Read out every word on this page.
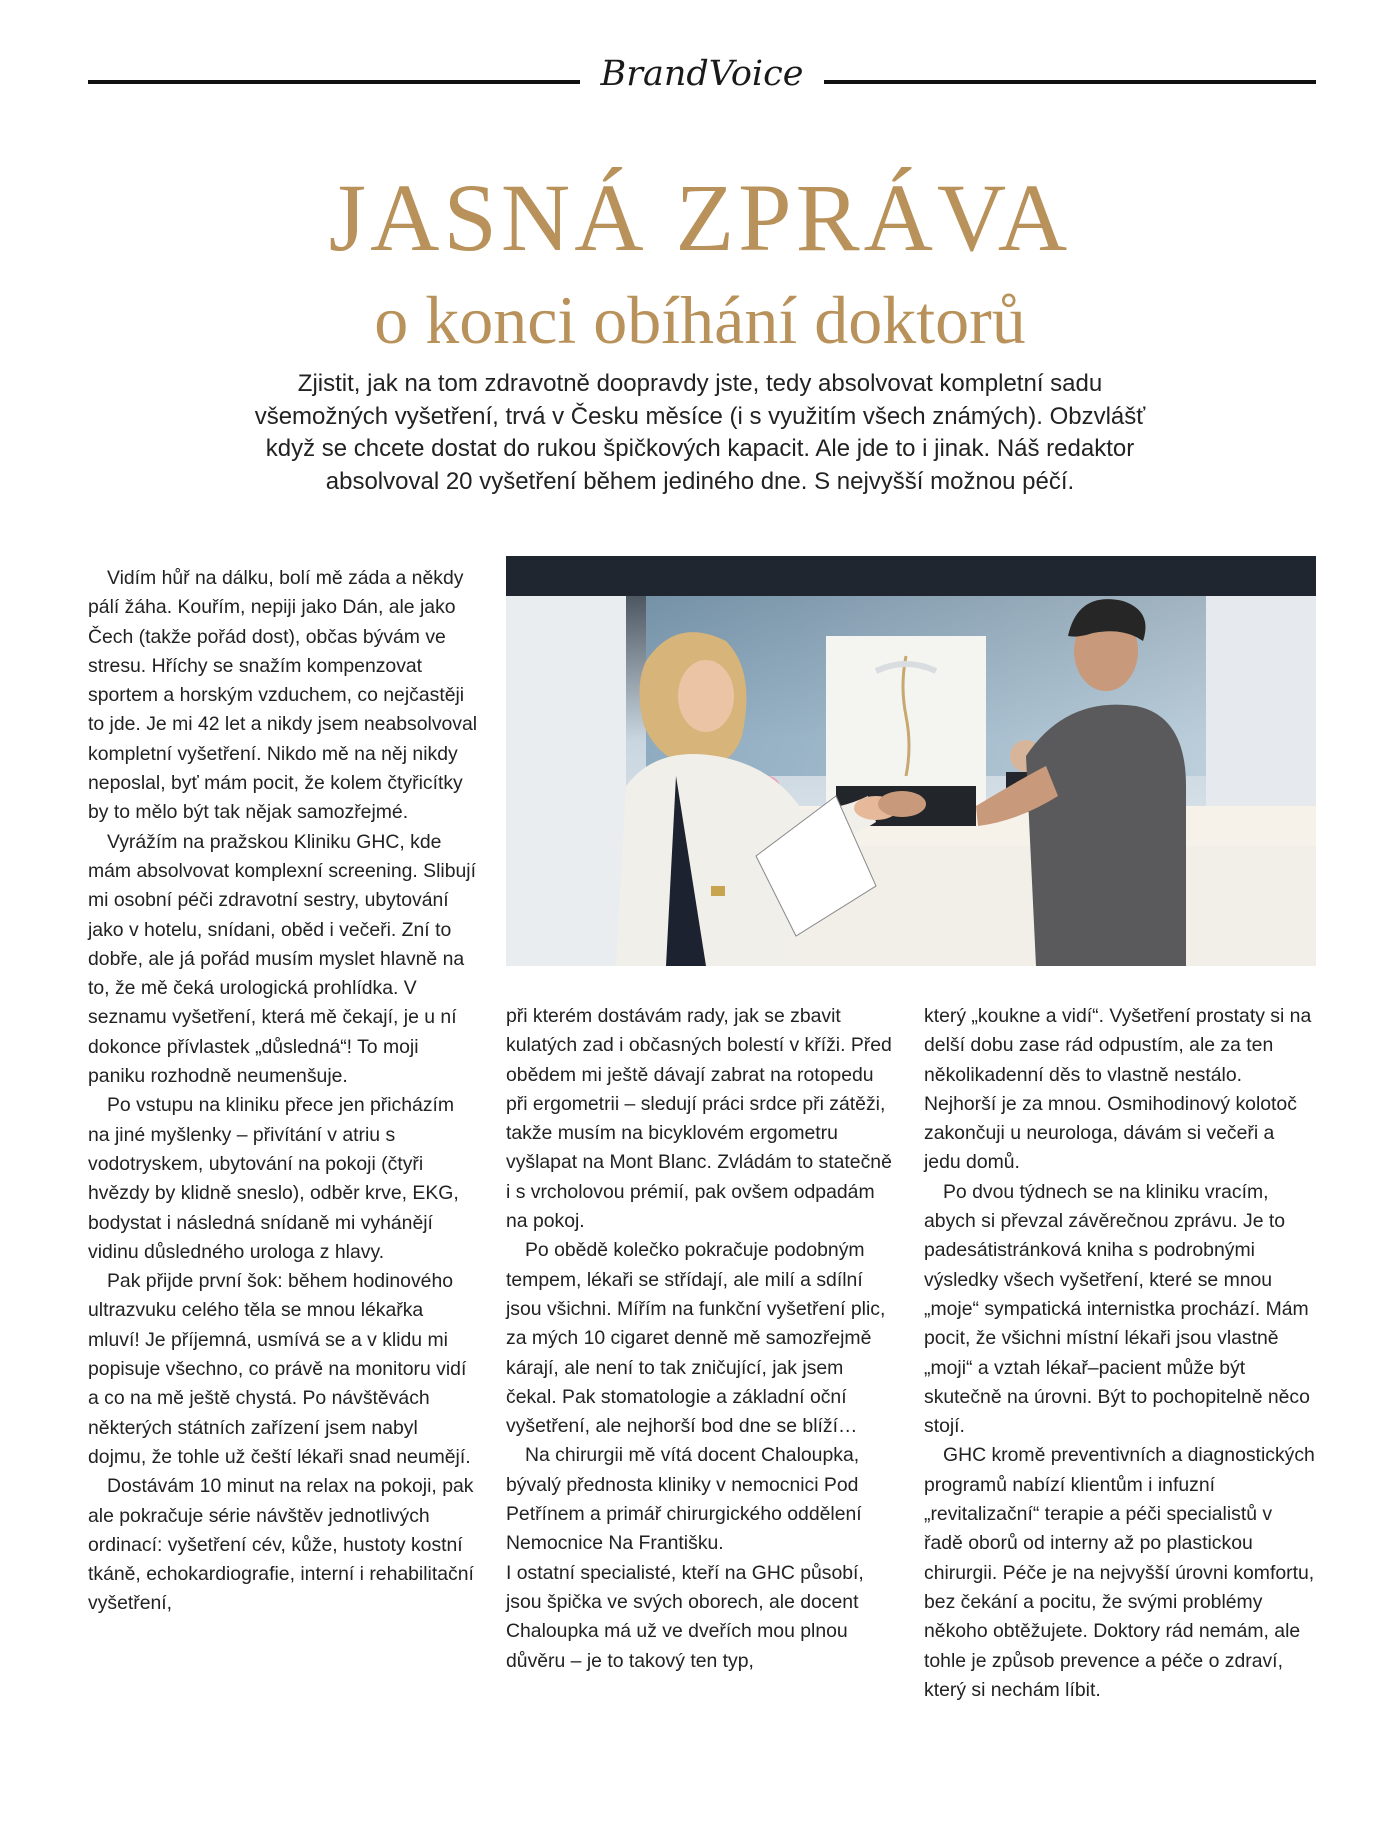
BrandVoice
JASNÁ ZPRÁVA
o konci obíhání doktorů
Zjistit, jak na tom zdravotně doopravdy jste, tedy absolvovat kompletní sadu všemožných vyšetření, trvá v Česku měsíce (i s využitím všech známých). Obzvlášť když se chcete dostat do rukou špičkových kapacit. Ale jde to i jinak. Náš redaktor absolvoval 20 vyšetření během jediného dne. S nejvyšší možnou péčí.

Vidím hůř na dálku, bolí mě záda a někdy pálí žáha. Kouřím, nepiji jako Dán, ale jako Čech (takže pořád dost), občas bývám ve stresu. Hříchy se snažím kompenzovat sportem a horským vzduchem, co nejčastěji to jde. Je mi 42 let a nikdy jsem neabsolvoval kompletní vyšetření. Nikdo mě na něj nikdy neposlal, byť mám pocit, že kolem čtyřicítky by to mělo být tak nějak samozřejmé.

Vyrážím na pražskou Kliniku GHC, kde mám absolvovat komplexní screening. Slibují mi osobní péči zdravotní sestry, ubytování jako v hotelu, snídani, oběd i večeři. Zní to dobře, ale já pořád musím myslet hlavně na to, že mě čeká urologická prohlídka. V seznamu vyšetření, která mě čekají, je u ní dokonce přívlastek „důsledná“! To moji paniku rozhodně neumenšuje.

Po vstupu na kliniku přece jen přicházím na jiné myšlenky – přivítání v atriu s vodotryskem, ubytování na pokoji (čtyři hvězdy by klidně sneslo), odběr krve, EKG, bodystat i následná snídaně mi vyhánějí vidinu důsledného urologa z hlavy.

Pak přijde první šok: během hodinového ultrazvuku celého těla se mnou lékařka mluví! Je příjemná, usmívá se a v klidu mi popisuje všechno, co právě na monitoru vidí a co na mě ještě chystá. Po návštěvách některých státních zařízení jsem nabyl dojmu, že tohle už čeští lékaři snad neumějí.

Dostávám 10 minut na relax na pokoji, pak ale pokračuje série návštěv jednotlivých ordinací: vyšetření cév, kůže, hustoty kostní tkáně, echokardiografie, interní i rehabilitační vyšetření,

při kterém dostávám rady, jak se zbavit kulatých zad i občasných bolestí v kříži. Před obědem mi ještě dávají zabrat na rotopedu při ergometrii – sledují práci srdce při zátěži, takže musím na bicyklovém ergometru vyšlapat na Mont Blanc. Zvládám to statečně i s vrcholovou prémií, pak ovšem odpadám na pokoj.

Po obědě kolečko pokračuje podobným tempem, lékaři se střídají, ale milí a sdílní jsou všichni. Mířím na funkční vyšetření plic, za mých 10 cigaret denně mě samozřejmě kárají, ale není to tak zničující, jak jsem čekal. Pak stomatologie a základní oční vyšetření, ale nejhorší bod dne se blíží…

Na chirurgii mě vítá docent Chaloupka, bývalý přednosta kliniky v nemocnici Pod Petřínem a primář chirurgického oddělení Nemocnice Na Františku.

I ostatní specialisté, kteří na GHC působí, jsou špička ve svých oborech, ale docent Chaloupka má už ve dveřích mou plnou důvěru – je to takový ten typ,

který „koukne a vidí“. Vyšetření prostaty si na delší dobu zase rád odpustím, ale za ten několikadenní děs to vlastně nestálo. Nejhorší je za mnou. Osmihodinový kolotoč zakončuji u neurologa, dávám si večeři a jedu domů.

Po dvou týdnech se na kliniku vracím, abych si převzal závěrečnou zprávu. Je to padesátistránková kniha s podrobnými výsledky všech vyšetření, které se mnou „moje“ sympatická internistka prochází. Mám pocit, že všichni místní lékaři jsou vlastně „moji“ a vztah lékař–pacient může být skutečně na úrovni. Být to pochopitelně něco stojí.

GHC kromě preventivních a diagnostických programů nabízí klientům i infuzní „revitalizační“ terapie a péči specialistů v řadě oborů od interny až po plastickou chirurgii. Péče je na nejvyšší úrovni komfortu, bez čekání a pocitu, že svými problémy někoho obtěžujete. Doktory rád nemám, ale tohle je způsob prevence a péče o zdraví, který si nechám líbit.
